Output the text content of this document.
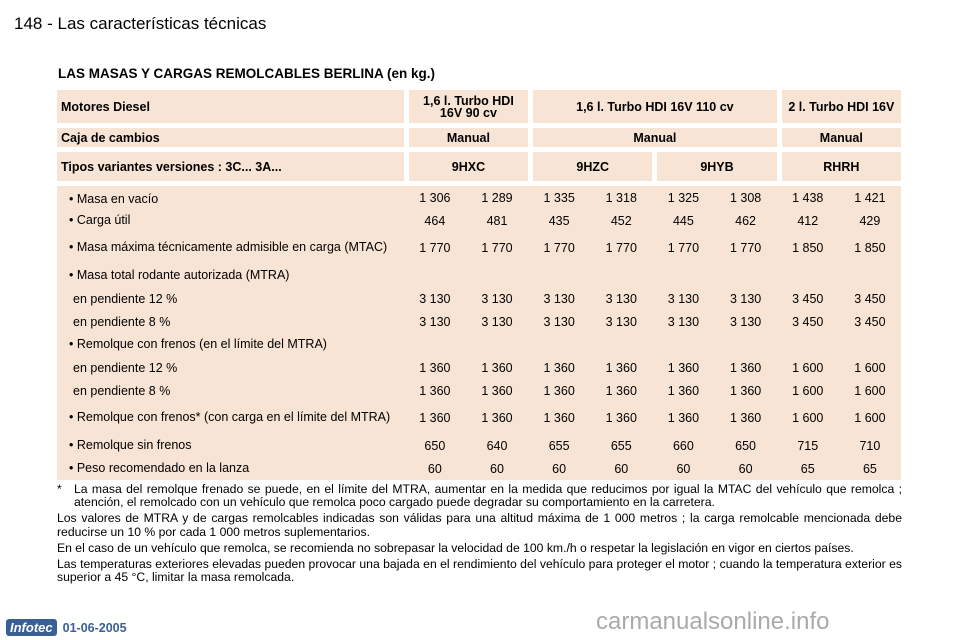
148 - Las características técnicas
LAS MASAS Y CARGAS REMOLCABLES BERLINA (en kg.)
Motores Diesel	1,6 l. Turbo HDI 16V 90 cv		1,6 l. Turbo HDI 16V 110 cv				2 l. Turbo HDI 16V	
Caja de cambios	Manual		Manual				Manual	
Tipos variantes versiones : 3C... 3A...	9HXC		9HZC		9HYB		RHRH	

• Masa en vacío	1 306	1 289	1 335	1 318	1 325	1 308	1 438	1 421

• Carga útil	464	481	435	452	445	462	412	429

• Masa máxima técnicamente admisible en carga (MTAC)	1 770	1 770	1 770	1 770	1 770	1 770	1 850	1 850

• Masa total rodante autorizada (MTRA)								

en pendiente 12 %	3 130	3 130	3 130	3 130	3 130	3 130	3 450	3 450
en pendiente 8 %	3 130	3 130	3 130	3 130	3 130	3 130	3 450	3 450

• Remolque con frenos (en el límite del MTRA)								

en pendiente 12 %	1 360	1 360	1 360	1 360	1 360	1 360	1 600	1 600
en pendiente 8 %	1 360	1 360	1 360	1 360	1 360	1 360	1 600	1 600

• Remolque con frenos* (con carga en el límite del MTRA)	1 360	1 360	1 360	1 360	1 360	1 360	1 600	1 600

• Remolque sin frenos	650	640	655	655	660	650	715	710

• Peso recomendado en la lanza	60	60	60	60	60	60	65	65

*	La masa del remolque frenado se puede, en el límite del MTRA, aumentar en la medida que reducimos por igual la MTAC del vehículo que remolca ; atención, el remolcado con un vehículo que remolca poco cargado puede degradar su comportamiento en la carretera.

Los valores de MTRA y de cargas remolcables indicadas son válidas para una altitud máxima de 1 000 metros ; la carga remolcable mencionada debe reducirse un 10 % por cada 1 000 metros suplementarios.

En el caso de un vehículo que remolca, se recomienda no sobrepasar la velocidad de 100 km./h o respetar la legislación en vigor en ciertos países.

Las temperaturas exteriores elevadas pueden provocar una bajada en el rendimiento del vehículo para proteger el motor ; cuando la temperatura exterior es superior a 45 °C, limitar la masa remolcada.

Infotec 01-06-2005	carmanualsonline.info
